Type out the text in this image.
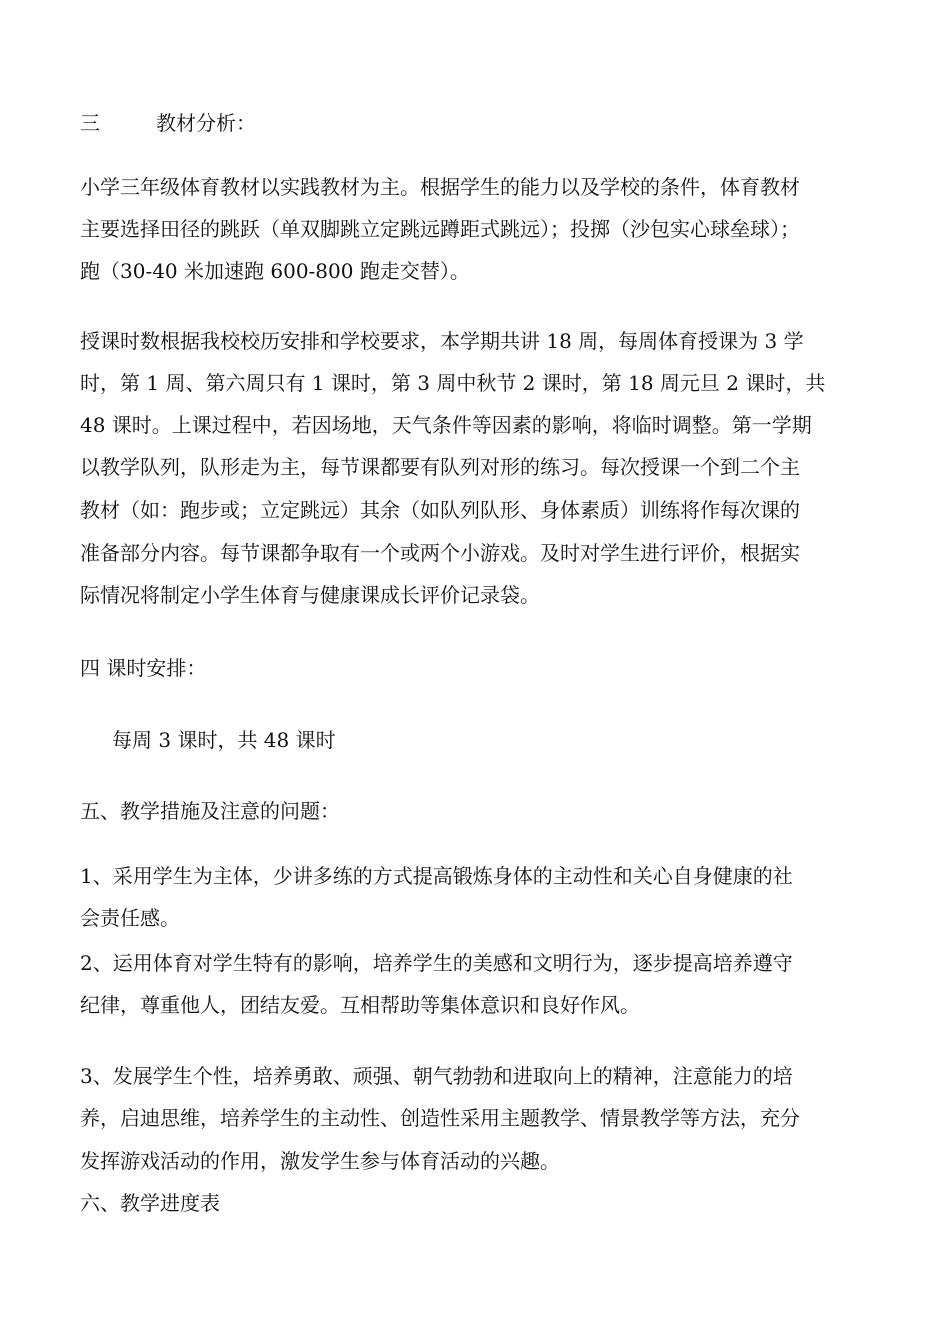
三	教材分析：
小学三年级体育教材以实践教材为主。根据学生的能力以及学校的条件，体育教材
主要选择田径的跳跃（单双脚跳立定跳远蹲距式跳远）；投掷（沙包实心球垒球）；
跑（30-40 米加速跑 600-800 跑走交替）。
授课时数根据我校校历安排和学校要求，本学期共讲 18 周，每周体育授课为 3 学
时，第 1 周、第六周只有 1 课时，第 3 周中秋节 2 课时，第 18 周元旦 2 课时，共
48 课时。上课过程中，若因场地，天气条件等因素的影响，将临时调整。第一学期
以教学队列，队形走为主，每节课都要有队列对形的练习。每次授课一个到二个主
教材（如：跑步或；立定跳远）其余（如队列队形、身体素质）训练将作每次课的
准备部分内容。每节课都争取有一个或两个小游戏。及时对学生进行评价，根据实
际情况将制定小学生体育与健康课成长评价记录袋。
四 课时安排：
每周 3 课时，共 48 课时
五、教学措施及注意的问题：
1、采用学生为主体，少讲多练的方式提高锻炼身体的主动性和关心自身健康的社
会责任感。
2、运用体育对学生特有的影响，培养学生的美感和文明行为，逐步提高培养遵守
纪律，尊重他人，团结友爱。互相帮助等集体意识和良好作风。
3、发展学生个性，培养勇敢、顽强、朝气勃勃和进取向上的精神，注意能力的培
养，启迪思维，培养学生的主动性、创造性采用主题教学、情景教学等方法，充分
发挥游戏活动的作用，激发学生参与体育活动的兴趣。
六、教学进度表
